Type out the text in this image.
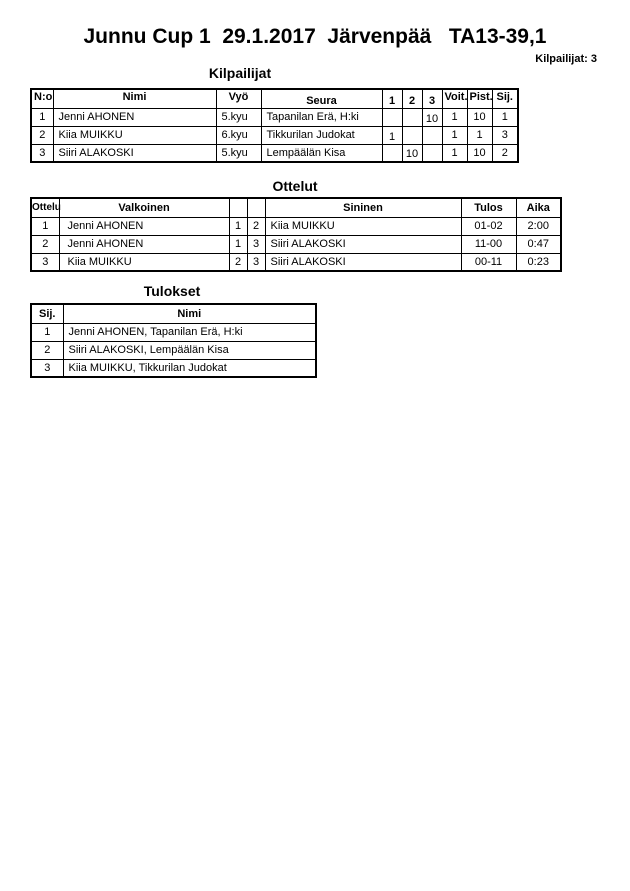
Junnu Cup 1  29.1.2017  Järvenpää   TA13-39,1
Kilpailijat: 3
Kilpailijat
N:o	Nimi	Vyö	Seura	1	2	3	Voit.	Pist.	Sij.
1	Jenni AHONEN	5.kyu	Tapanilan Erä, H:ki			10	1	10	1
2	Kiia MUIKKU	6.kyu	Tikkurilan Judokat	1			1	1	3
3	Siiri ALAKOSKI	5.kyu	Lempäälän Kisa		10		1	10	2
Ottelut
Ottelu	Valkoinen			Sininen	Tulos	Aika
1	Jenni AHONEN	1	2	Kiia MUIKKU	01-02	2:00
2	Jenni AHONEN	1	3	Siiri ALAKOSKI	11-00	0:47
3	Kiia MUIKKU	2	3	Siiri ALAKOSKI	00-11	0:23
Tulokset
Sij.	Nimi
1	Jenni AHONEN, Tapanilan Erä, H:ki
2	Siiri ALAKOSKI, Lempäälän Kisa
3	Kiia MUIKKU, Tikkurilan Judokat
